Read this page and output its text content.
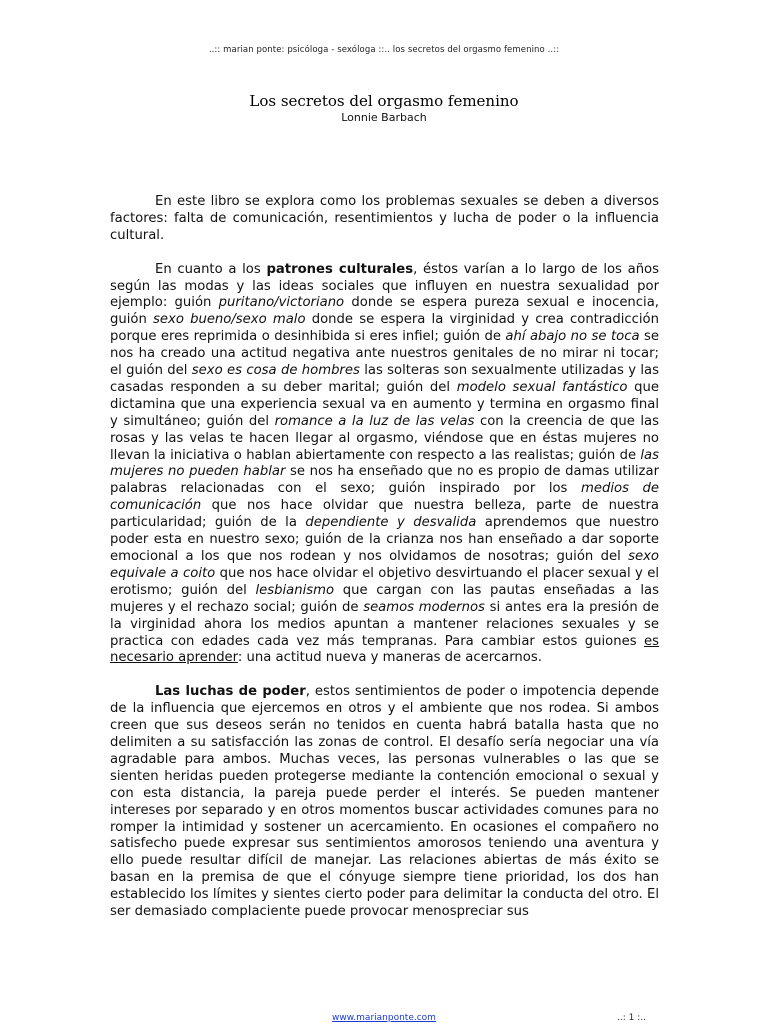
..:: marian ponte: psicóloga - sexóloga ::.. los secretos del orgasmo femenino ..::
Los secretos del orgasmo femenino
Lonnie Barbach

En este libro se explora como los problemas sexuales se deben a diversos factores: falta de comunicación, resentimientos y lucha de poder o la influencia cultural.

En cuanto a los patrones culturales, éstos varían a lo largo de los años según las modas y las ideas sociales que influyen en nuestra sexualidad por ejemplo: guión puritano/victoriano donde se espera pureza sexual e inocencia, guión sexo bueno/sexo malo donde se espera la virginidad y crea contradicción porque eres reprimida o desinhibida si eres infiel; guión de ahí abajo no se toca se nos ha creado una actitud negativa ante nuestros genitales de no mirar ni tocar; el guión del sexo es cosa de hombres las solteras son sexualmente utilizadas y las casadas responden a su deber marital; guión del modelo sexual fantástico que dictamina que una experiencia sexual va en aumento y termina en orgasmo final y simultáneo; guión del romance a la luz de las velas con la creencia de que las rosas y las velas te hacen llegar al orgasmo, viéndose que en éstas mujeres no llevan la iniciativa o hablan abiertamente con respecto a las realistas; guión de las mujeres no pueden hablar se nos ha enseñado que no es propio de damas utilizar palabras relacionadas con el sexo; guión inspirado por los medios de comunicación que nos hace olvidar que nuestra belleza, parte de nuestra particularidad; guión de la dependiente y desvalida aprendemos que nuestro poder esta en nuestro sexo; guión de la crianza nos han enseñado a dar soporte emocional a los que nos rodean y nos olvidamos de nosotras; guión del sexo equivale a coito que nos hace olvidar el objetivo desvirtuando el placer sexual y el erotismo; guión del lesbianismo que cargan con las pautas enseñadas a las mujeres y el rechazo social; guión de seamos modernos si antes era la presión de la virginidad ahora los medios apuntan a mantener relaciones sexuales y se practica con edades cada vez más tempranas. Para cambiar estos guiones es necesario aprender: una actitud nueva y maneras de acercarnos.

Las luchas de poder, estos sentimientos de poder o impotencia depende de la influencia que ejercemos en otros y el ambiente que nos rodea. Si ambos creen que sus deseos serán no tenidos en cuenta habrá batalla hasta que no delimiten a su satisfacción las zonas de control. El desafío sería negociar una vía agradable para ambos. Muchas veces, las personas vulnerables o las que se sienten heridas pueden protegerse mediante la contención emocional o sexual y con esta distancia, la pareja puede perder el interés. Se pueden mantener intereses por separado y en otros momentos buscar actividades comunes para no romper la intimidad y sostener un acercamiento. En ocasiones el compañero no satisfecho puede expresar sus sentimientos amorosos teniendo una aventura y ello puede resultar difícil de manejar. Las relaciones abiertas de más éxito se basan en la premisa de que el cónyuge siempre tiene prioridad, los dos han establecido los límites y sientes cierto poder para delimitar la conducta del otro. El ser demasiado complaciente puede provocar menospreciar sus

www.marianponte.com	..: 1 :..
